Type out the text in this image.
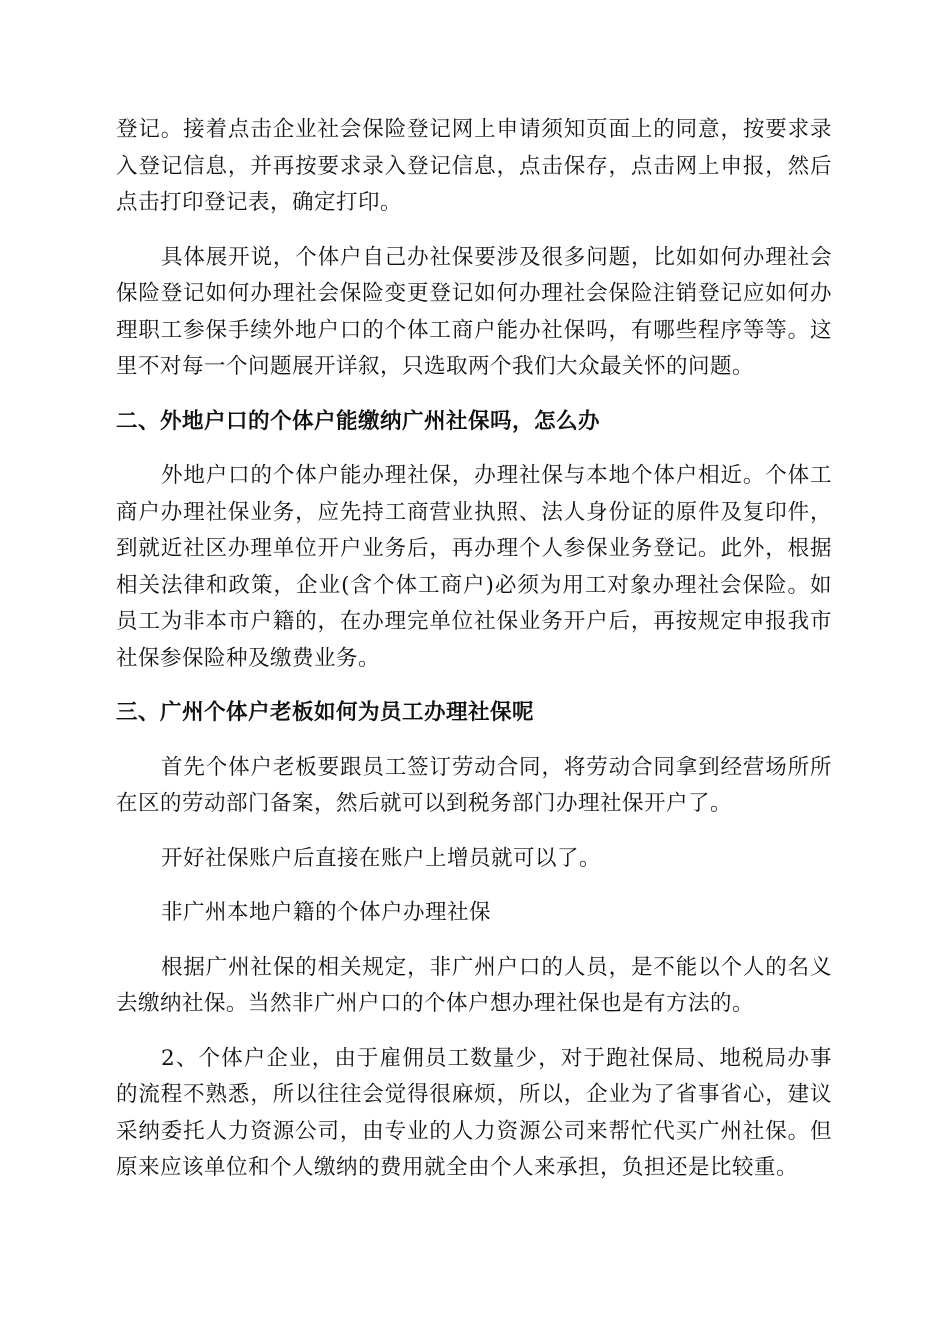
登记。接着点击企业社会保险登记网上申请须知页面上的同意，按要求录入登记信息，并再按要求录入登记信息，点击保存，点击网上申报，然后点击打印登记表，确定打印。

具体展开说，个体户自己办社保要涉及很多问题，比如如何办理社会保险登记如何办理社会保险变更登记如何办理社会保险注销登记应如何办理职工参保手续外地户口的个体工商户能办社保吗，有哪些程序等等。这里不对每一个问题展开详叙，只选取两个我们大众最关怀的问题。

二、外地户口的个体户能缴纳广州社保吗，怎么办

外地户口的个体户能办理社保，办理社保与本地个体户相近。个体工商户办理社保业务，应先持工商营业执照、法人身份证的原件及复印件，到就近社区办理单位开户业务后，再办理个人参保业务登记。此外，根据相关法律和政策，企业(含个体工商户)必须为用工对象办理社会保险。如员工为非本市户籍的，在办理完单位社保业务开户后，再按规定申报我市社保参保险种及缴费业务。

三、广州个体户老板如何为员工办理社保呢

首先个体户老板要跟员工签订劳动合同，将劳动合同拿到经营场所所在区的劳动部门备案，然后就可以到税务部门办理社保开户了。

开好社保账户后直接在账户上增员就可以了。

非广州本地户籍的个体户办理社保

根据广州社保的相关规定，非广州户口的人员，是不能以个人的名义去缴纳社保。当然非广州户口的个体户想办理社保也是有方法的。

2、个体户企业，由于雇佣员工数量少，对于跑社保局、地税局办事的流程不熟悉，所以往往会觉得很麻烦，所以，企业为了省事省心，建议采纳委托人力资源公司，由专业的人力资源公司来帮忙代买广州社保。但原来应该单位和个人缴纳的费用就全由个人来承担，负担还是比较重。
